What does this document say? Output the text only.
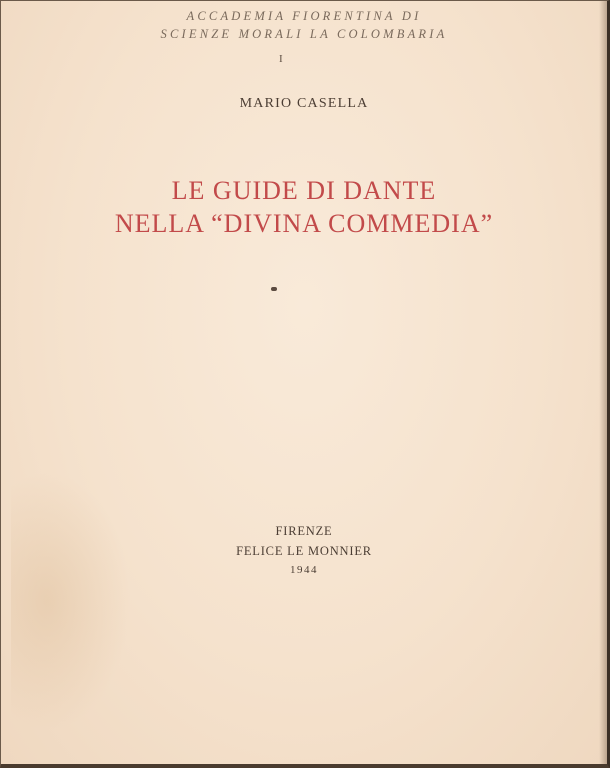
ACCADEMIA FIORENTINA DI
SCIENZE MORALI LA COLOMBARIA
I
MARIO CASELLA
LE GUIDE DI DANTE
NELLA “DIVINA COMMEDIA”
FIRENZE
FELICE LE MONNIER
1944
